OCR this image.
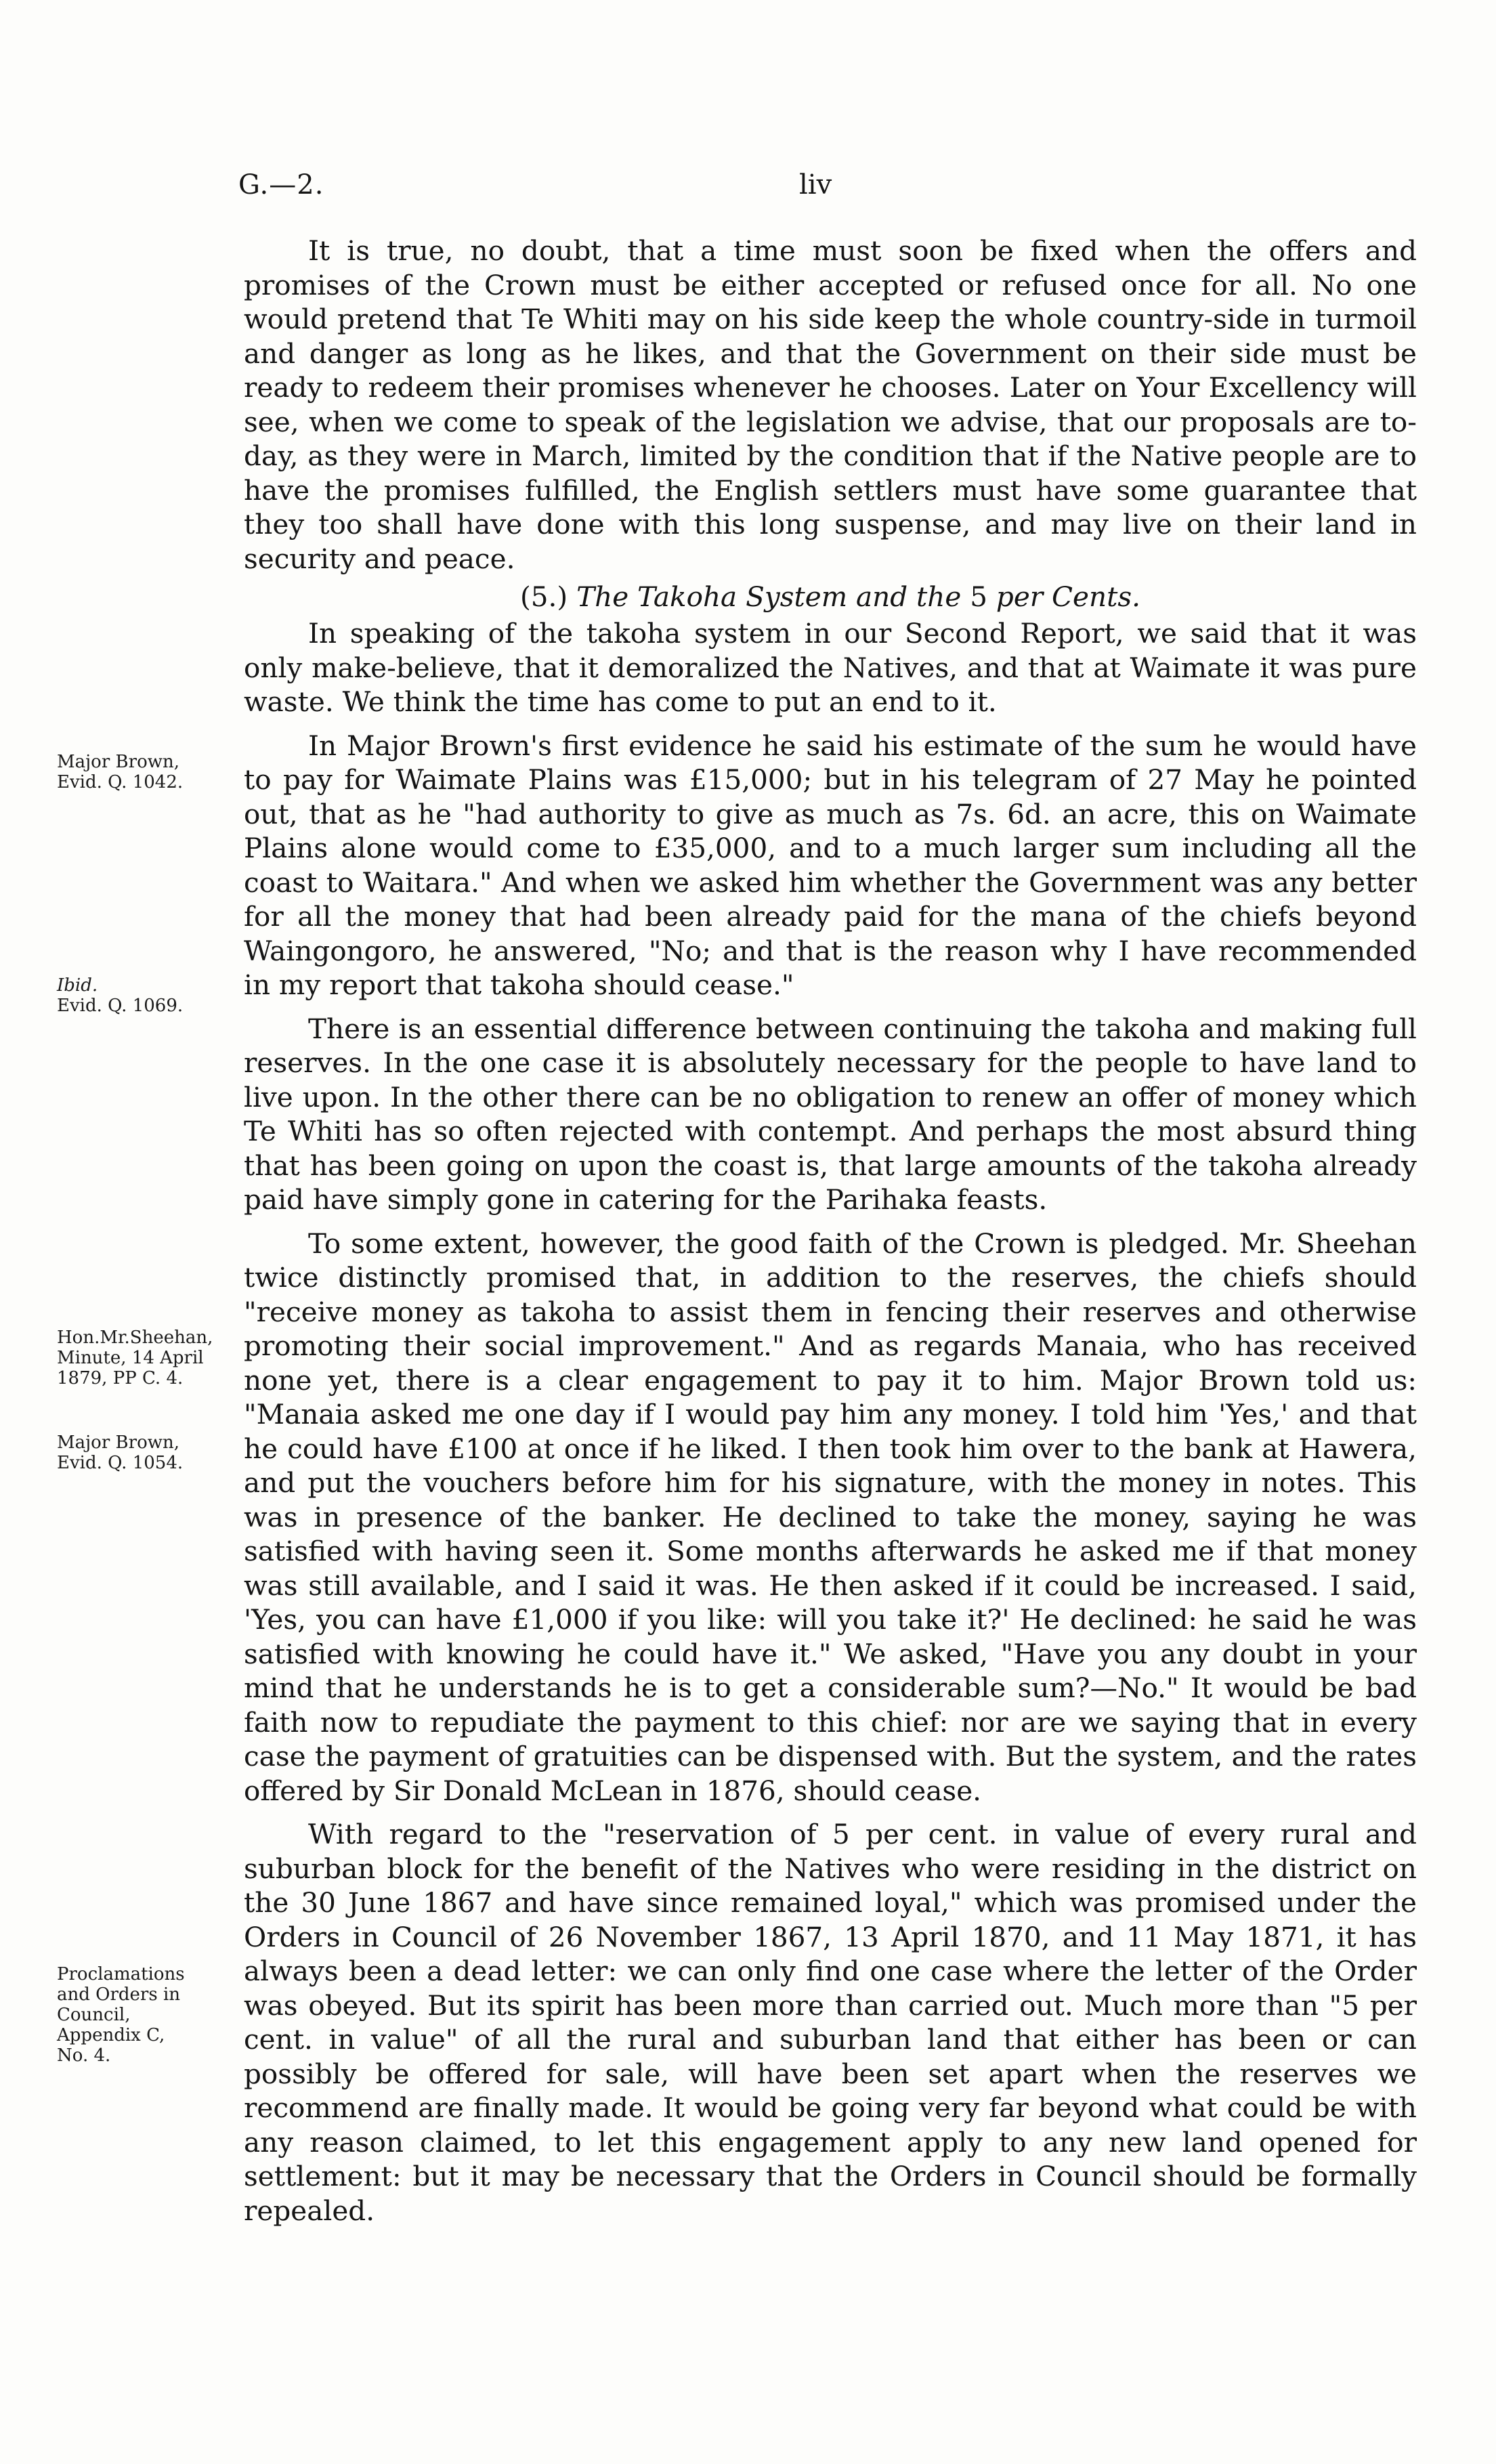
G.—2.	liv

It is true, no doubt, that a time must soon be fixed when the offers and promises of the Crown must be either accepted or refused once for all. No one would pretend that Te Whiti may on his side keep the whole country-side in turmoil and danger as long as he likes, and that the Government on their side must be ready to redeem their promises whenever he chooses. Later on Your Excellency will see, when we come to speak of the legislation we advise, that our proposals are to-day, as they were in March, limited by the condition that if the Native people are to have the promises fulfilled, the English settlers must have some guarantee that they too shall have done with this long suspense, and may live on their land in security and peace.

(5.) The Takoha System and the 5 per Cents.

In speaking of the takoha system in our Second Report, we said that it was only make-believe, that it demoralized the Natives, and that at Waimate it was pure waste. We think the time has come to put an end to it.

In Major Brown's first evidence he said his estimate of the sum he would have to pay for Waimate Plains was £15,000; but in his telegram of 27 May he pointed out, that as he "had authority to give as much as 7s. 6d. an acre, this on Waimate Plains alone would come to £35,000, and to a much larger sum including all the coast to Waitara." And when we asked him whether the Government was any better for all the money that had been already paid for the mana of the chiefs beyond Waingongoro, he answered, "No; and that is the reason why I have recommended in my report that takoha should cease."

There is an essential difference between continuing the takoha and making full reserves. In the one case it is absolutely necessary for the people to have land to live upon. In the other there can be no obligation to renew an offer of money which Te Whiti has so often rejected with contempt. And perhaps the most absurd thing that has been going on upon the coast is, that large amounts of the takoha already paid have simply gone in catering for the Parihaka feasts.

To some extent, however, the good faith of the Crown is pledged. Mr. Sheehan twice distinctly promised that, in addition to the reserves, the chiefs should "receive money as takoha to assist them in fencing their reserves and otherwise promoting their social improvement." And as regards Manaia, who has received none yet, there is a clear engagement to pay it to him. Major Brown told us: "Manaia asked me one day if I would pay him any money. I told him 'Yes,' and that he could have £100 at once if he liked. I then took him over to the bank at Hawera, and put the vouchers before him for his signature, with the money in notes. This was in presence of the banker. He declined to take the money, saying he was satisfied with having seen it. Some months afterwards he asked me if that money was still available, and I said it was. He then asked if it could be increased. I said, 'Yes, you can have £1,000 if you like: will you take it?' He declined: he said he was satisfied with knowing he could have it." We asked, "Have you any doubt in your mind that he understands he is to get a considerable sum?—No." It would be bad faith now to repudiate the payment to this chief: nor are we saying that in every case the payment of gratuities can be dispensed with. But the system, and the rates offered by Sir Donald McLean in 1876, should cease.

With regard to the "reservation of 5 per cent. in value of every rural and suburban block for the benefit of the Natives who were residing in the district on the 30 June 1867 and have since remained loyal," which was promised under the Orders in Council of 26 November 1867, 13 April 1870, and 11 May 1871, it has always been a dead letter: we can only find one case where the letter of the Order was obeyed. But its spirit has been more than carried out. Much more than "5 per cent. in value" of all the rural and suburban land that either has been or can possibly be offered for sale, will have been set apart when the reserves we recommend are finally made. It would be going very far beyond what could be with any reason claimed, to let this engagement apply to any new land opened for settlement: but it may be necessary that the Orders in Council should be formally repealed.

Major Brown,
Evid. Q. 1042.
Ibid.
Evid. Q. 1069.
Hon.Mr.Sheehan,
Minute, 14 April
1879, PP C. 4.
Major Brown,
Evid. Q. 1054.
Proclamations
and Orders in
Council,
Appendix C,
No. 4.
